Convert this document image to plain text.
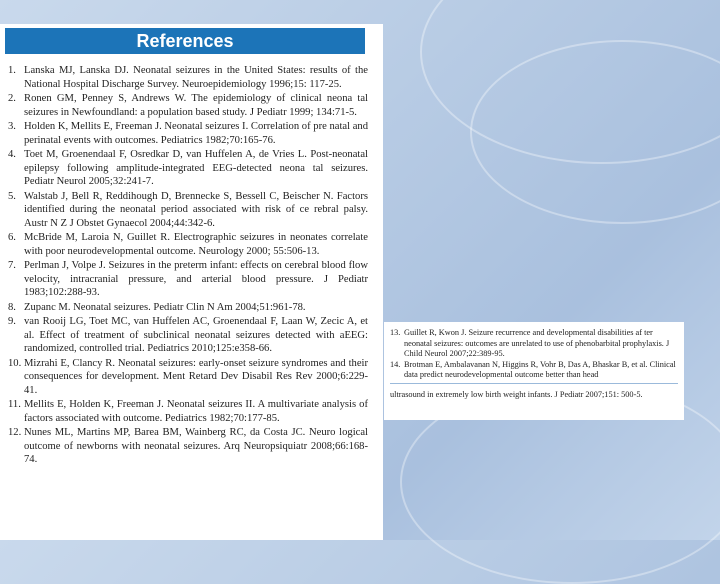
References
1. Lanska MJ, Lanska DJ. Neonatal seizures in the United States: results of the National Hospital Discharge Survey. Neuroepidemiology 1996;15: 117-25.
2. Ronen GM, Penney S, Andrews W. The epidemiology of clinical neona tal seizures in Newfoundland: a population based study. J Pediatr 1999; 134:71-5.
3. Holden K, Mellits E, Freeman J. Neonatal seizures I. Correlation of pre natal and perinatal events with outcomes. Pediatrics 1982;70:165-76.
4. Toet M, Groenendaal F, Osredkar D, van Huffelen A, de Vries L. Post-neonatal epilepsy following amplitude-integrated EEG-detected neona tal seizures. Pediatr Neurol 2005;32:241-7.
5. Walstab J, Bell R, Reddihough D, Brennecke S, Bessell C, Beischer N. Factors identified during the neonatal period associated with risk of ce rebral palsy. Austr N Z J Obstet Gynaecol 2004;44:342-6.
6. McBride M, Laroia N, Guillet R. Electrographic seizures in neonates correlate with poor neurodevelopmental outcome. Neurology 2000; 55:506-13.
7. Perlman J, Volpe J. Seizures in the preterm infant: effects on cerebral blood flow velocity, intracranial pressure, and arterial blood pressure. J Pediatr 1983;102:288-93.
8. Zupanc M. Neonatal seizures. Pediatr Clin N Am 2004;51:961-78.
9. van Rooij LG, Toet MC, van Huffelen AC, Groenendaal F, Laan W, Zecic A, et al. Effect of treatment of subclinical neonatal seizures detected with aEEG: randomized, controlled trial. Pediatrics 2010;125:e358-66.
10. Mizrahi E, Clancy R. Neonatal seizures: early-onset seizure syndromes and their consequences for development. Ment Retard Dev Disabil Res Rev 2000;6:229-41.
11. Mellits E, Holden K, Freeman J. Neonatal seizures II. A multivariate analysis of factors associated with outcome. Pediatrics 1982;70:177-85.
12. Nunes ML, Martins MP, Barea BM, Wainberg RC, da Costa JC. Neuro logical outcome of newborns with neonatal seizures. Arq Neuropsiquiatr 2008;66:168-74.
13. Guillet R, Kwon J. Seizure recurrence and developmental disabilities af ter neonatal seizures: outcomes are unrelated to use of phenobarbital prophylaxis. J Child Neurol 2007;22:389-95.
14. Brotman E, Ambalavanan N, Higgins R, Vohr B, Das A, Bhaskar B, et al. Clinical data predict neurodevelopmental outcome better than head
ultrasound in extremely low birth weight infants. J Pediatr 2007;151: 500-5.
